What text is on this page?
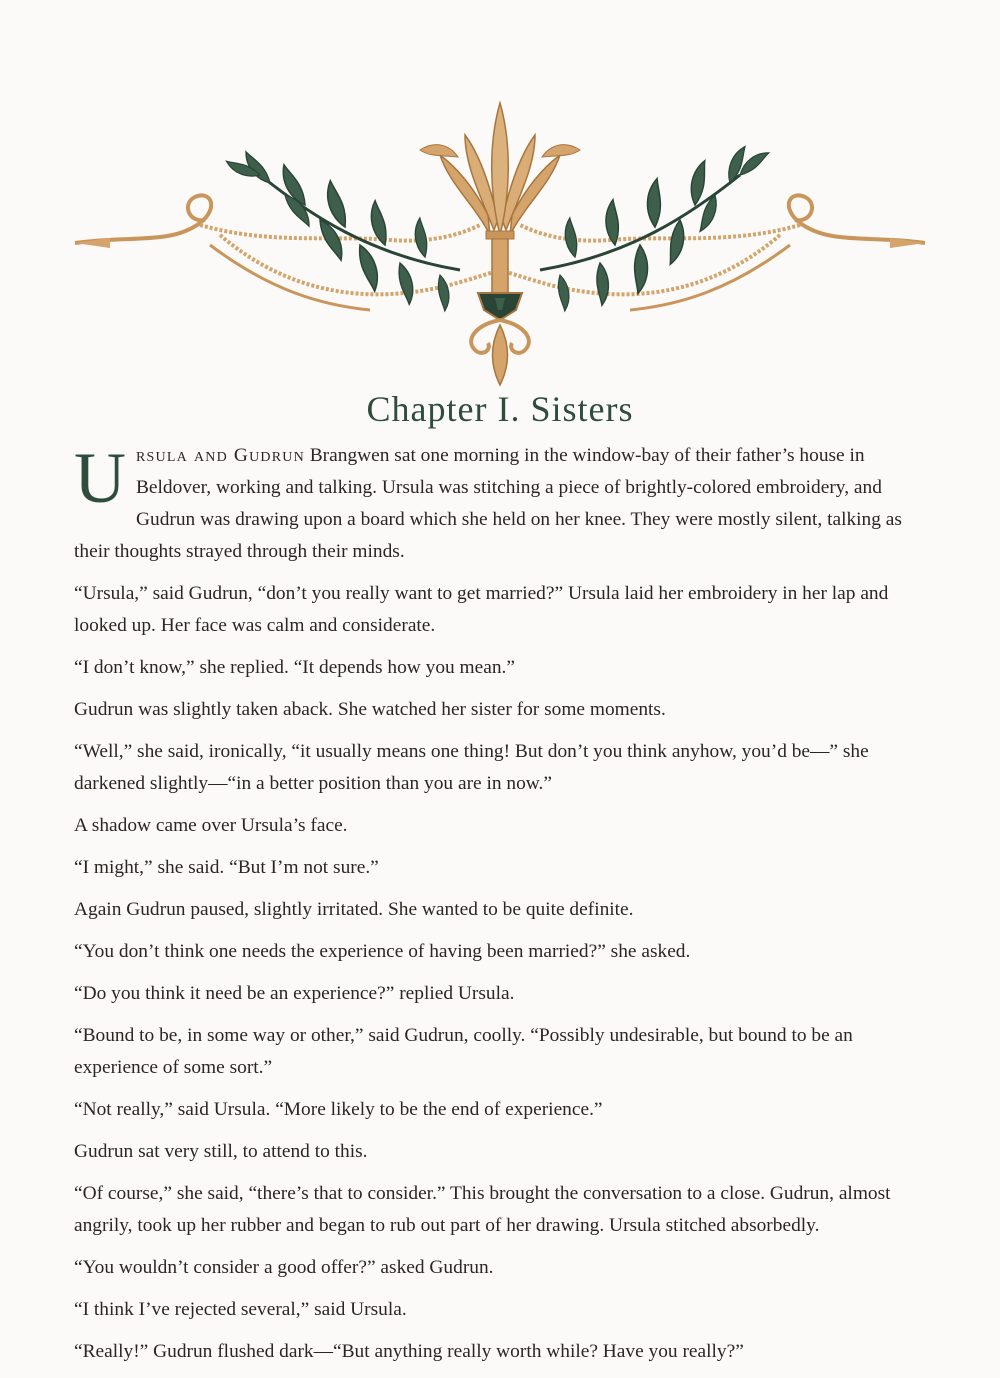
Chapter I. Sisters

Ursula and Gudrun Brangwen sat one morning in the window-bay of their father’s house in Beldover, working and talking. Ursula was stitching a piece of brightly-colored embroidery, and Gudrun was drawing upon a board which she held on her knee. They were mostly silent, talking as their thoughts strayed through their minds.

“Ursula,” said Gudrun, “don’t you really want to get married?” Ursula laid her embroidery in her lap and looked up. Her face was calm and considerate.

“I don’t know,” she replied. “It depends how you mean.”

Gudrun was slightly taken aback. She watched her sister for some moments.

“Well,” she said, ironically, “it usually means one thing! But don’t you think anyhow, you’d be—” she darkened slightly—“in a better position than you are in now.”

A shadow came over Ursula’s face.

“I might,” she said. “But I’m not sure.”

Again Gudrun paused, slightly irritated. She wanted to be quite definite.

“You don’t think one needs the experience of having been married?” she asked.

“Do you think it need be an experience?” replied Ursula.

“Bound to be, in some way or other,” said Gudrun, coolly. “Possibly undesirable, but bound to be an experience of some sort.”

“Not really,” said Ursula. “More likely to be the end of experience.”

Gudrun sat very still, to attend to this.

“Of course,” she said, “there’s that to consider.” This brought the conversation to a close. Gudrun, almost angrily, took up her rubber and began to rub out part of her drawing. Ursula stitched absorbedly.

“You wouldn’t consider a good offer?” asked Gudrun.

“I think I’ve rejected several,” said Ursula.

“Really!” Gudrun flushed dark—“But anything really worth while? Have you really?”
